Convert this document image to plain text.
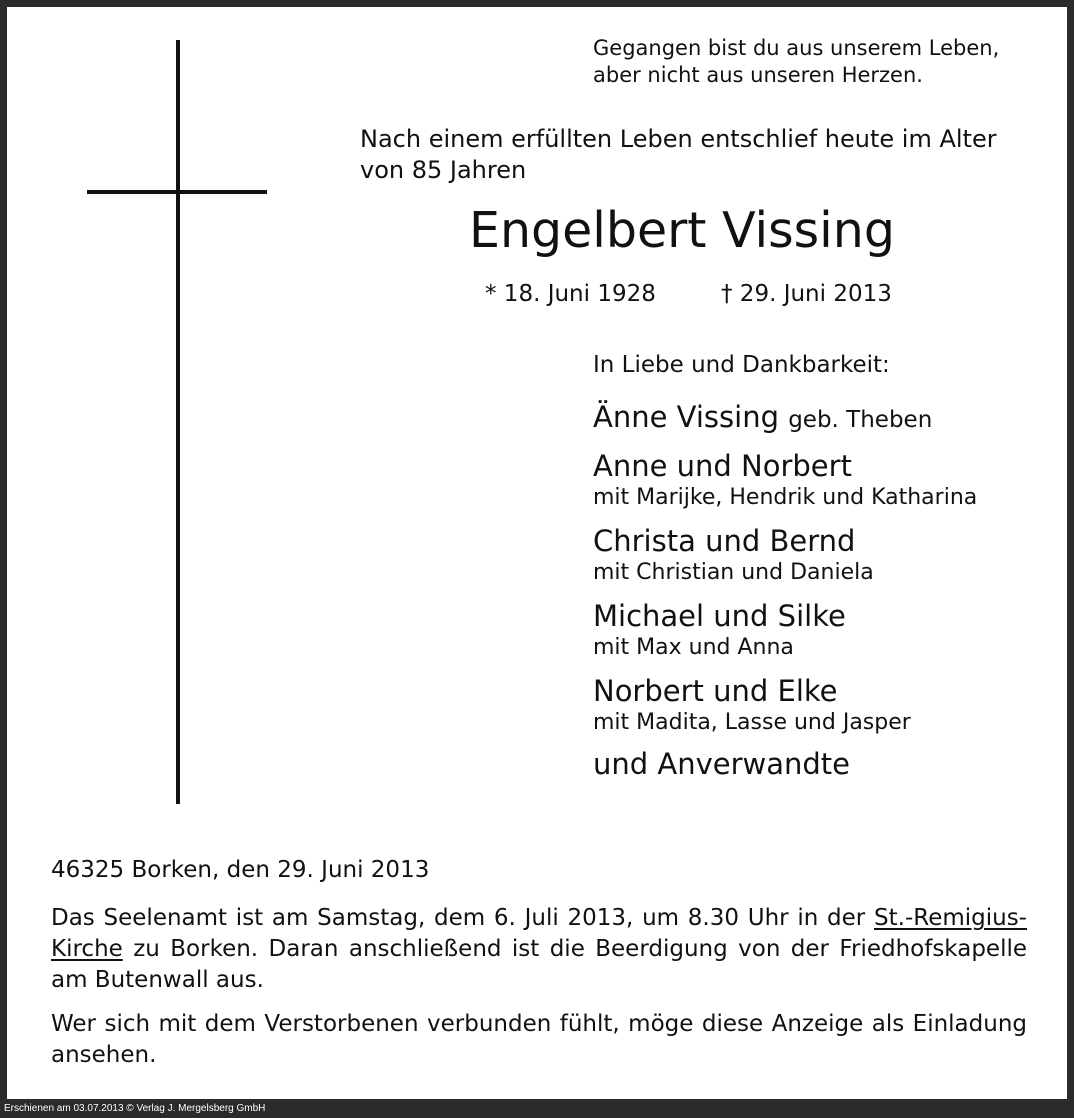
Gegangen bist du aus unserem Leben,
aber nicht aus unseren Herzen.
Nach einem erfüllten Leben entschlief heute im Alter von 85 Jahren
Engelbert Vissing
* 18. Juni 1928	† 29. Juni 2013
In Liebe und Dankbarkeit:
Änne Vissing geb. Theben
Anne und Norbert
mit Marijke, Hendrik und Katharina
Christa und Bernd
mit Christian und Daniela
Michael und Silke
mit Max und Anna
Norbert und Elke
mit Madita, Lasse und Jasper
und Anverwandte
46325 Borken, den 29. Juni 2013
Das Seelenamt ist am Samstag, dem 6. Juli 2013, um 8.30 Uhr in der St.-Remigius-Kirche zu Borken. Daran anschließend ist die Beerdigung von der Friedhofskapelle am Butenwall aus.
Wer sich mit dem Verstorbenen verbunden fühlt, möge diese Anzeige als Einladung ansehen.
Erschienen am 03.07.2013 © Verlag J. Mergelsberg GmbH
